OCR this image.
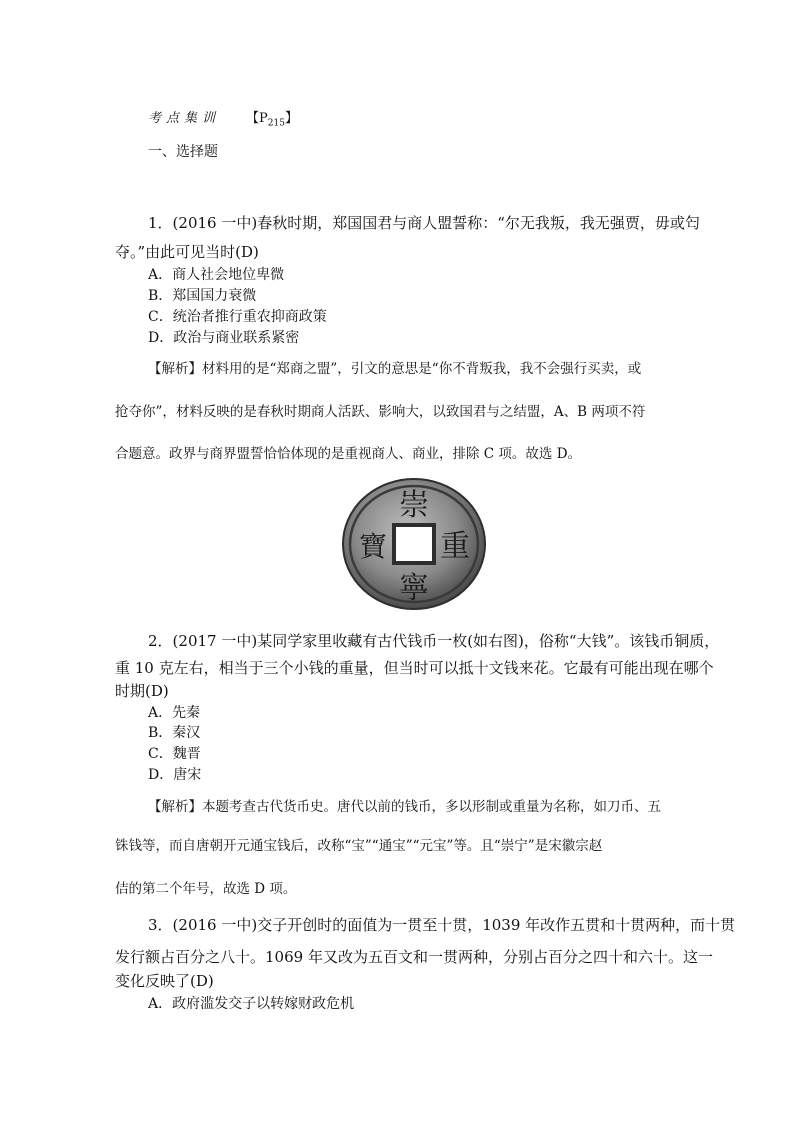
考点集训 【$P_{215}$】
一、选择题
1．(2016 一中)春秋时期，郑国国君与商人盟誓称：“尔无我叛，我无强贾，毋或匄
夺。”由此可见当时(D)
A．商人社会地位卑微
B．郑国国力衰微
C．统治者推行重农抑商政策
D．政治与商业联系紧密
【解析】材料用的是“郑商之盟”，引文的意思是“你不背叛我，我不会强行买卖，或
抢夺你”，材料反映的是春秋时期商人活跃、影响大，以致国君与之结盟，A、B 两项不符
合题意。政界与商界盟誓恰恰体现的是重视商人、商业，排除 C 项。故选 D。
崇
重
寧
寶
2．(2017 一中)某同学家里收藏有古代钱币一枚(如右图)，俗称“大钱”。该钱币铜质，
重 10 克左右，相当于三个小钱的重量，但当时可以抵十文钱来花。它最有可能出现在哪个
时期(D)
A．先秦
B．秦汉
C．魏晋
D．唐宋
【解析】本题考查古代货币史。唐代以前的钱币，多以形制或重量为名称，如刀币、五
铢钱等，而自唐朝开元通宝钱后，改称“宝”“通宝”“元宝”等。且“崇宁”是宋徽宗赵
佶的第二个年号，故选 D 项。
3．(2016 一中)交子开创时的面值为一贯至十贯，1039 年改作五贯和十贯两种，而十贯
发行额占百分之八十。1069 年又改为五百文和一贯两种，分别占百分之四十和六十。这一
变化反映了(D)
A．政府滥发交子以转嫁财政危机
